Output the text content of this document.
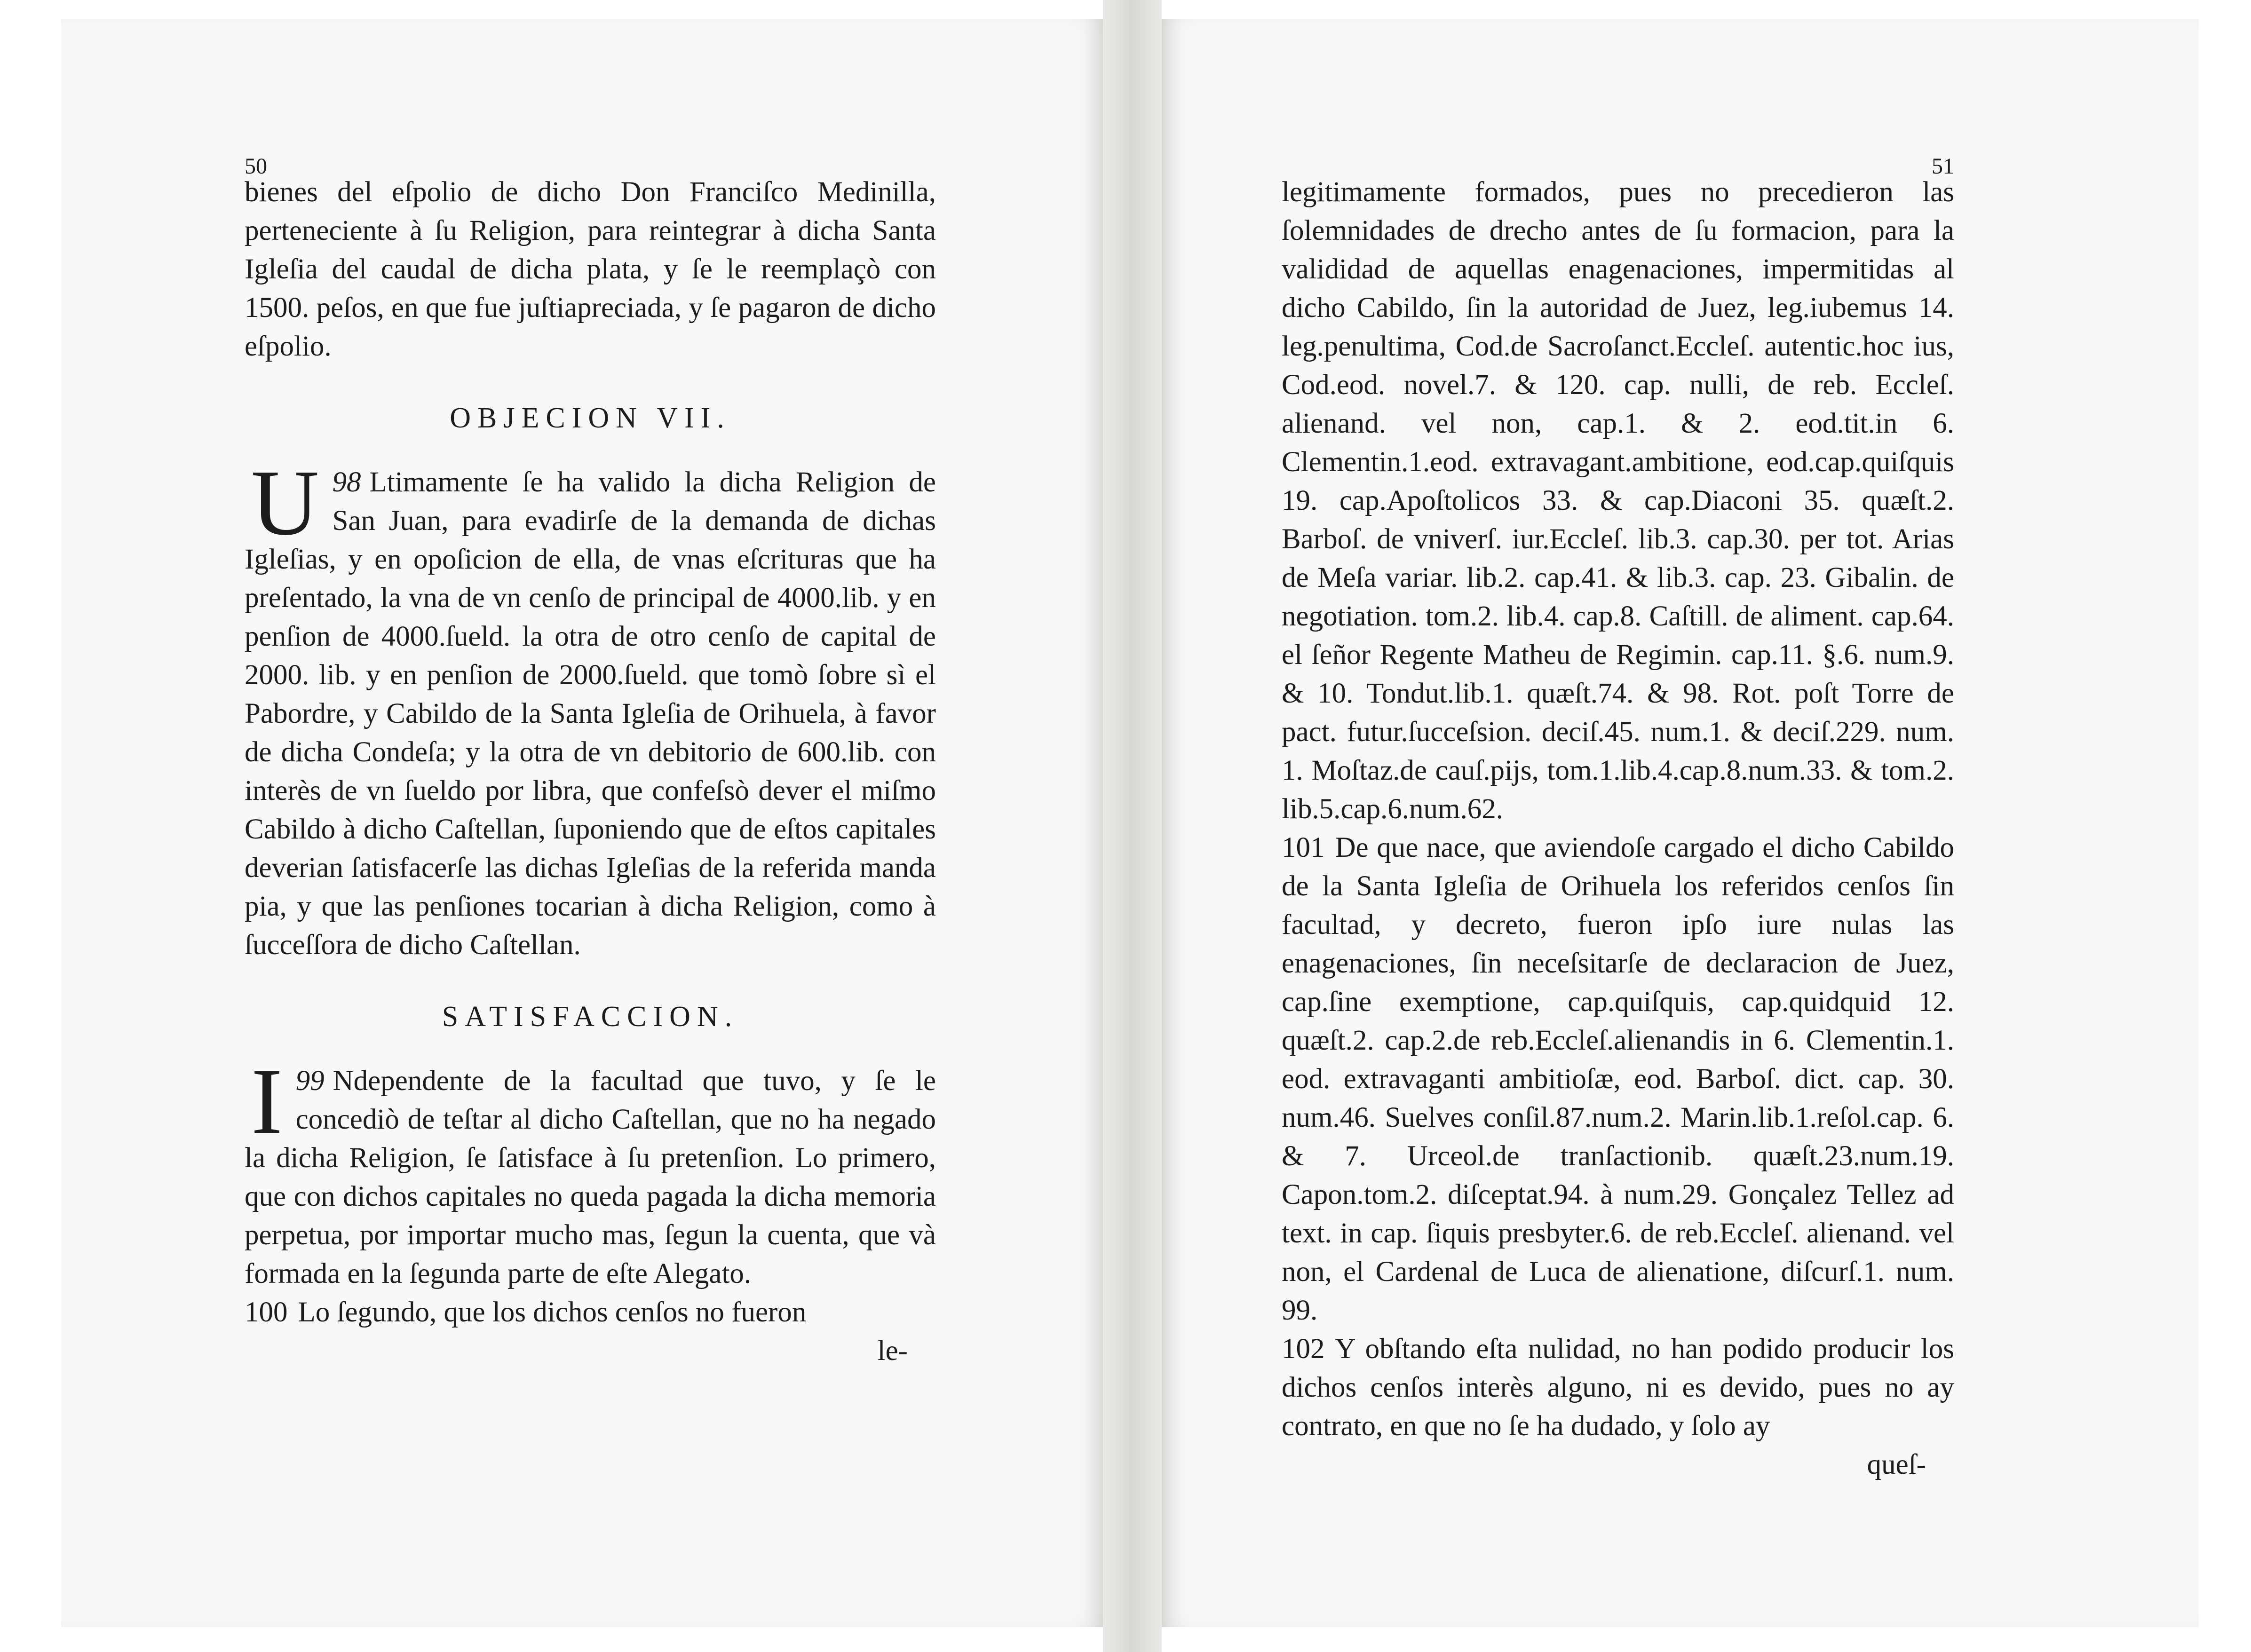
50

bienes del eſpolio de dicho Don Franciſco Medinilla, perteneciente à ſu Religion, para reintegrar à dicha Santa Igleſia del caudal de dicha plata, y ſe le reemplaçò con 1500. peſos, en que fue juſtiapreciada, y ſe pagaron de dicho eſpolio.

OBJECION VII.

98
U Ltimamente ſe ha valido la dicha Religion de San Juan, para evadirſe de la demanda de dichas Igleſias, y en opoſicion de ella, de vnas eſcrituras que ha preſentado, la vna de vn cenſo de principal de 4000.lib. y en penſion de 4000.ſueld. la otra de otro cenſo de capital de 2000. lib. y en penſion de 2000.ſueld. que tomò ſobre sì el Pabordre, y Cabildo de la Santa Igleſia de Orihuela, à favor de dicha Condeſa; y la otra de vn debitorio de 600.lib. con interès de vn ſueldo por libra, que confeſsò dever el miſmo Cabildo à dicho Caſtellan, ſuponiendo que de eſtos capitales deverian ſatisfacerſe las dichas Igleſias de la referida manda pia, y que las penſiones tocarian à dicha Religion, como à ſucceſſora de dicho Caſtellan.

SATISFACCION.

99
I Ndependente de la facultad que tuvo, y ſe le concediò de teſtar al dicho Caſtellan, que no ha negado la dicha Religion, ſe ſatisface à ſu pretenſion. Lo primero, que con dichos capitales no queda pagada la dicha memoria perpetua, por importar mucho mas, ſegun la cuenta, que và formada en la ſegunda parte de eſte Alegato.

100 Lo ſegundo, que los dichos cenſos no fueron

le-
51

legitimamente formados, pues no precedieron las ſolemnidades de drecho antes de ſu formacion, para la valididad de aquellas enagenaciones, impermitidas al dicho Cabildo, ſin la autoridad de Juez, leg.iubemus 14. leg.penultima, Cod.de Sacroſanct.Eccleſ. autentic.hoc ius, Cod.eod. novel.7. & 120. cap. nulli, de reb. Eccleſ. alienand. vel non, cap.1. & 2. eod.tit.in 6. Clementin.1.eod. extravagant.ambitione, eod.cap.quiſquis 19. cap.Apoſtolicos 33. & cap.Diaconi 35. quæſt.2. Barboſ. de vniverſ. iur.Eccleſ. lib.3. cap.30. per tot. Arias de Meſa variar. lib.2. cap.41. & lib.3. cap. 23. Gibalin. de negotiation. tom.2. lib.4. cap.8. Caſtill. de aliment. cap.64. el ſeñor Regente Matheu de Regimin. cap.11. §.6. num.9. & 10. Tondut.lib.1. quæſt.74. & 98. Rot. poſt Torre de pact. futur.ſucceſsion. deciſ.45. num.1. & deciſ.229. num. 1. Moſtaz.de cauſ.pijs, tom.1.lib.4.cap.8.num.33. & tom.2. lib.5.cap.6.num.62.

101 De que nace, que aviendoſe cargado el dicho Cabildo de la Santa Igleſia de Orihuela los referidos cenſos ſin facultad, y decreto, fueron ipſo iure nulas las enagenaciones, ſin neceſsitarſe de declaracion de Juez, cap.ſine exemptione, cap.quiſquis, cap.quidquid 12. quæſt.2. cap.2.de reb.Eccleſ.alienandis in 6. Clementin.1. eod. extravaganti ambitioſæ, eod. Barboſ. dict. cap. 30. num.46. Suelves conſil.87.num.2. Marin.lib.1.reſol.cap. 6. & 7. Urceol.de tranſactionib. quæſt.23.num.19. Capon.tom.2. diſceptat.94. à num.29. Gonçalez Tellez ad text. in cap. ſiquis presbyter.6. de reb.Eccleſ. alienand. vel non, el Cardenal de Luca de alienatione, diſcurſ.1. num. 99.

102 Y obſtando eſta nulidad, no han podido producir los dichos cenſos interès alguno, ni es devido, pues no ay contrato, en que no ſe ha dudado, y ſolo ay

queſ-
